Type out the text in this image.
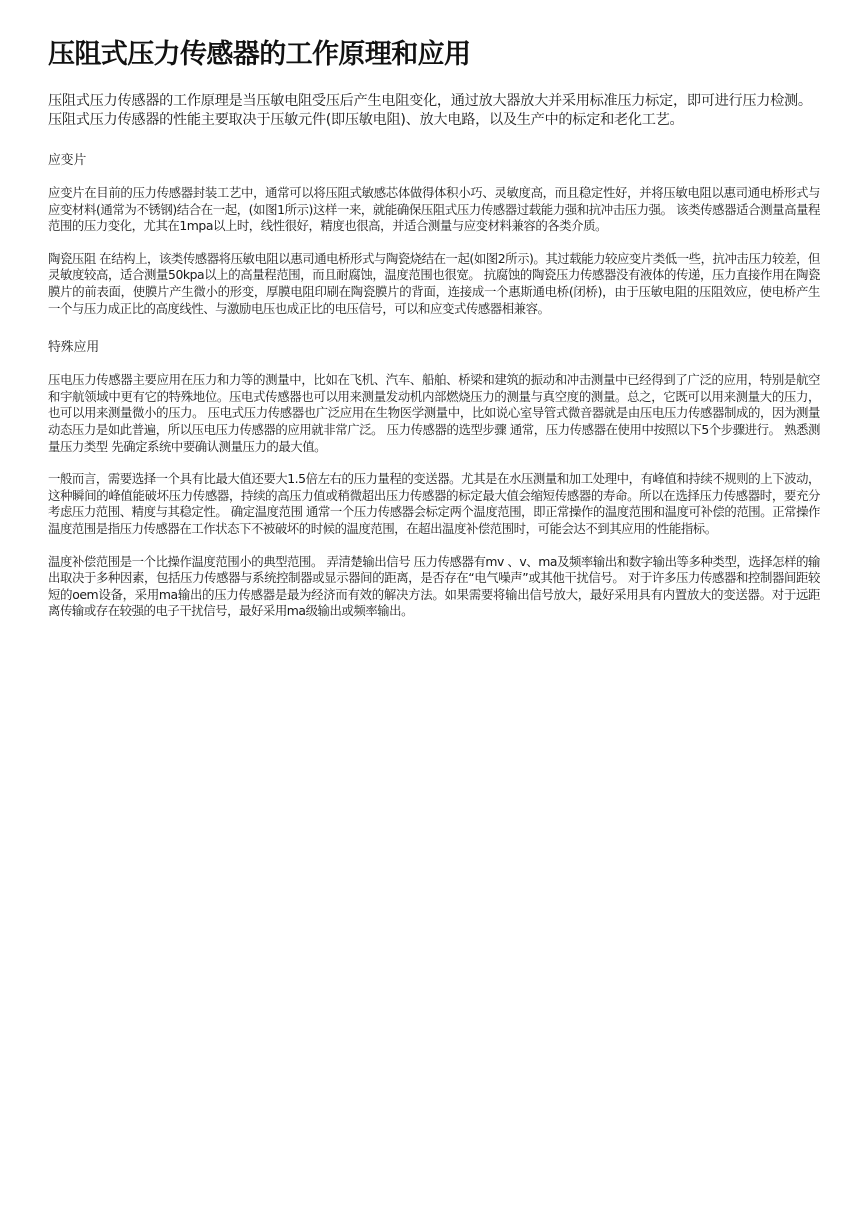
压阻式压力传感器的工作原理和应用

压阻式压力传感器的工作原理是当压敏电阻受压后产生电阻变化，通过放大器放大并采用标准压力标定，即可进行压力检测。压阻式压力传感器的性能主要取决于压敏元件(即压敏电阻)、放大电路，以及生产中的标定和老化工艺。

应变片

应变片在目前的压力传感器封装工艺中，通常可以将压阻式敏感芯体做得体积小巧、灵敏度高，而且稳定性好，并将压敏电阻以惠司通电桥形式与应变材料(通常为不锈钢)结合在一起，(如图1所示)这样一来，就能确保压阻式压力传感器过载能力强和抗冲击压力强。 该类传感器适合测量高量程范围的压力变化，尤其在1mpa以上时，线性很好，精度也很高，并适合测量与应变材料兼容的各类介质。

陶瓷压阻 在结构上，该类传感器将压敏电阻以惠司通电桥形式与陶瓷烧结在一起(如图2所示)。其过载能力较应变片类低一些，抗冲击压力较差，但灵敏度较高，适合测量50kpa以上的高量程范围，而且耐腐蚀，温度范围也很宽。 抗腐蚀的陶瓷压力传感器没有液体的传递，压力直接作用在陶瓷膜片的前表面，使膜片产生微小的形变，厚膜电阻印刷在陶瓷膜片的背面，连接成一个惠斯通电桥(闭桥)，由于压敏电阻的压阻效应，使电桥产生一个与压力成正比的高度线性、与激励电压也成正比的电压信号，可以和应变式传感器相兼容。

特殊应用

压电压力传感器主要应用在压力和力等的测量中，比如在飞机、汽车、船舶、桥梁和建筑的振动和冲击测量中已经得到了广泛的应用，特别是航空和宇航领域中更有它的特殊地位。压电式传感器也可以用来测量发动机内部燃烧压力的测量与真空度的测量。总之，它既可以用来测量大的压力，也可以用来测量微小的压力。 压电式压力传感器也广泛应用在生物医学测量中，比如说心室导管式微音器就是由压电压力传感器制成的，因为测量动态压力是如此普遍，所以压电压力传感器的应用就非常广泛。 压力传感器的选型步骤 通常，压力传感器在使用中按照以下5个步骤进行。 熟悉测量压力类型 先确定系统中要确认测量压力的最大值。

一般而言，需要选择一个具有比最大值还要大1.5倍左右的压力量程的变送器。尤其是在水压测量和加工处理中，有峰值和持续不规则的上下波动，这种瞬间的峰值能破坏压力传感器，持续的高压力值或稍微超出压力传感器的标定最大值会缩短传感器的寿命。所以在选择压力传感器时，要充分考虑压力范围、精度与其稳定性。 确定温度范围 通常一个压力传感器会标定两个温度范围，即正常操作的温度范围和温度可补偿的范围。正常操作温度范围是指压力传感器在工作状态下不被破坏的时候的温度范围，在超出温度补偿范围时，可能会达不到其应用的性能指标。

温度补偿范围是一个比操作温度范围小的典型范围。 弄清楚输出信号 压力传感器有mv 、v、ma及频率输出和数字输出等多种类型，选择怎样的输出取决于多种因素，包括压力传感器与系统控制器或显示器间的距离，是否存在“电气噪声”或其他干扰信号。 对于许多压力传感器和控制器间距较短的oem设备，采用ma输出的压力传感器是最为经济而有效的解决方法。如果需要将输出信号放大，最好采用具有内置放大的变送器。对于远距离传输或存在较强的电子干扰信号，最好采用ma级输出或频率输出。
